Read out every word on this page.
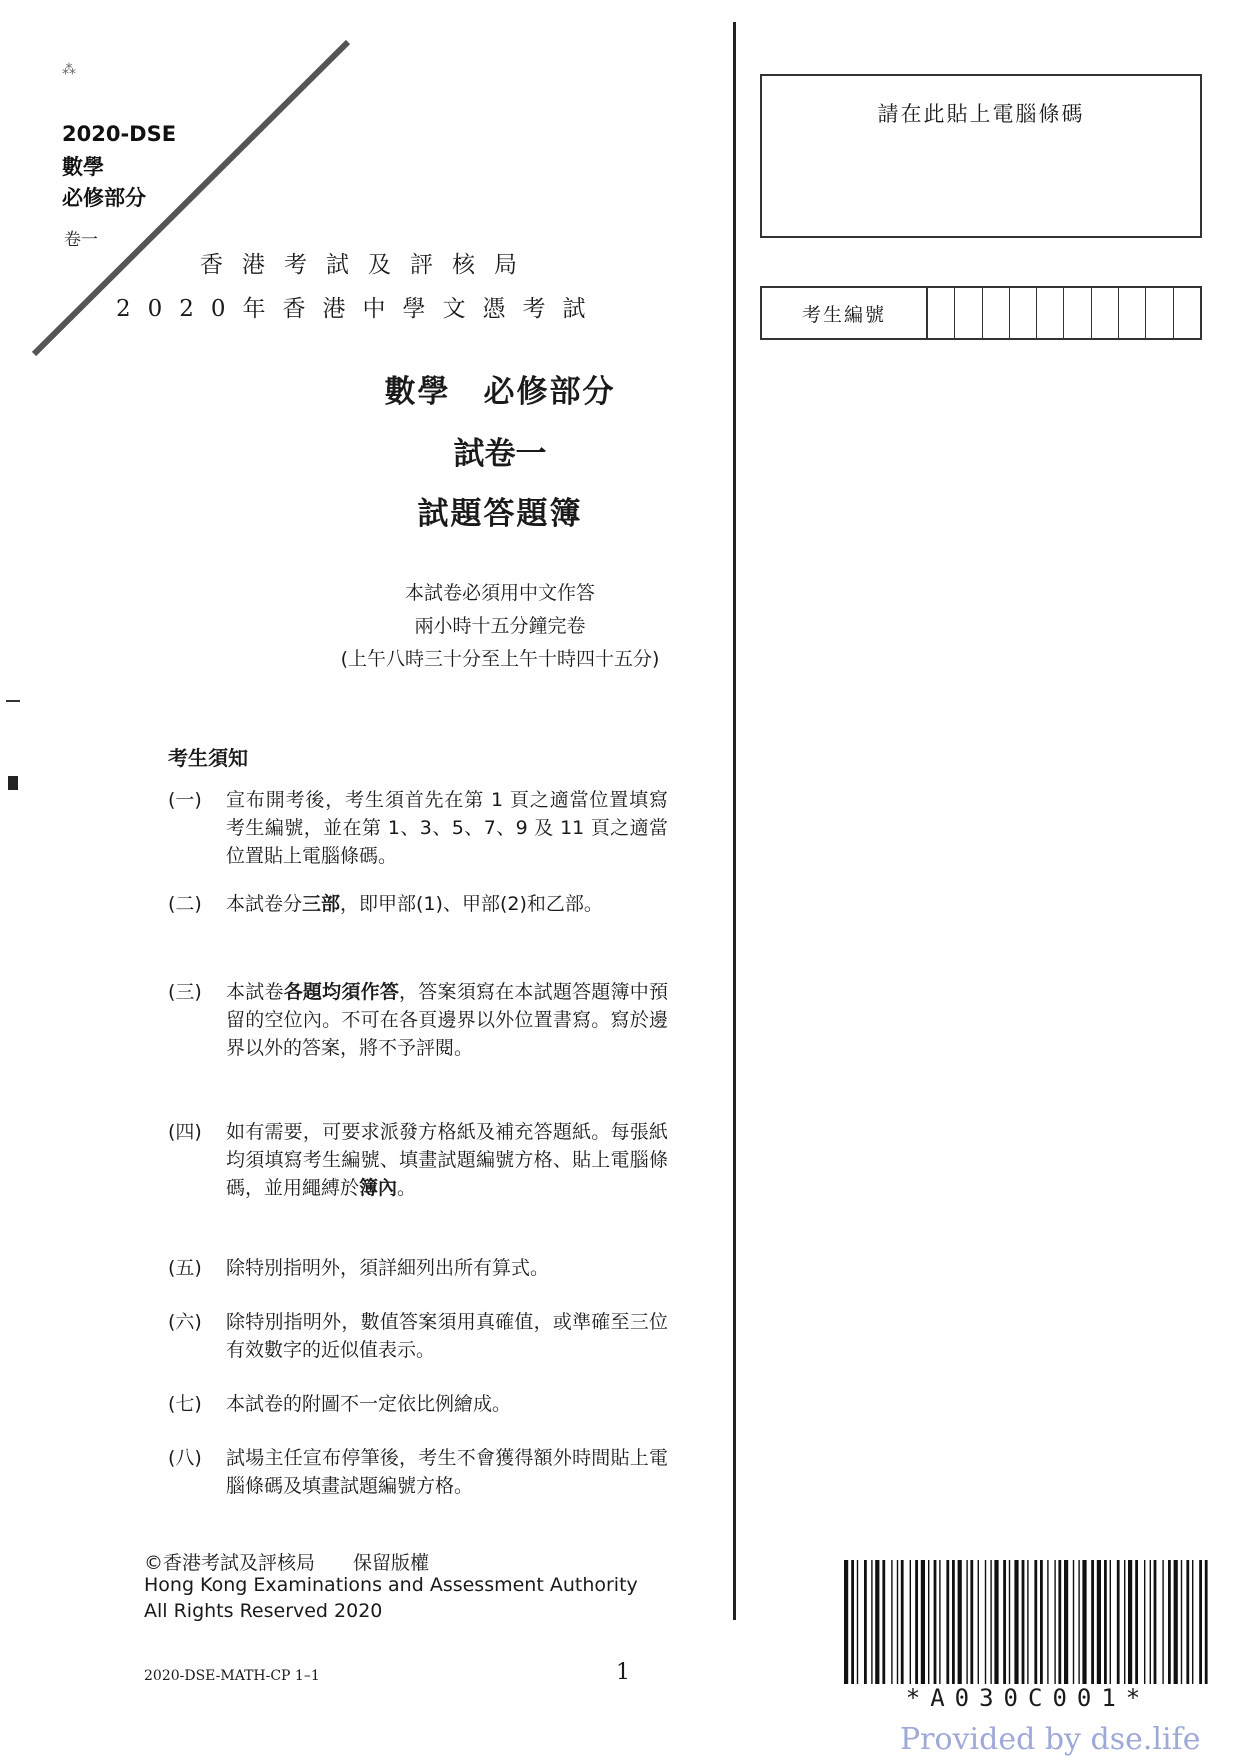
⁂
2020-DSE
數學
必修部分
卷一
香港考試及評核局
2020年香港中學文憑考試
數學　必修部分
試卷一
試題答題簿
本試卷必須用中文作答
兩小時十五分鐘完卷
(上午八時三十分至上午十時四十五分)
考生須知
(一)	宣布開考後，考生須首先在第 1 頁之適當位置填寫考生編號，並在第 1、3、5、7、9 及 11 頁之適當位置貼上電腦條碼。
(二)	本試卷分三部，即甲部(1)、甲部(2)和乙部。
(三)	本試卷各題均須作答，答案須寫在本試題答題簿中預留的空位內。不可在各頁邊界以外位置書寫。寫於邊界以外的答案，將不予評閱。
(四)	如有需要，可要求派發方格紙及補充答題紙。每張紙均須填寫考生編號、填畫試題編號方格、貼上電腦條碼，並用繩縛於簿內。
(五)	除特別指明外，須詳細列出所有算式。
(六)	除特別指明外，數值答案須用真確值，或準確至三位有效數字的近似值表示。
(七)	本試卷的附圖不一定依比例繪成。
(八)	試場主任宣布停筆後，考生不會獲得額外時間貼上電腦條碼及填畫試題編號方格。
請在此貼上電腦條碼
考生編號
©香港考試及評核局　　保留版權
Hong Kong Examinations and Assessment Authority
All Rights Reserved 2020
2020-DSE-MATH-CP 1–1	1
*A030C001*
Provided by dse.life
